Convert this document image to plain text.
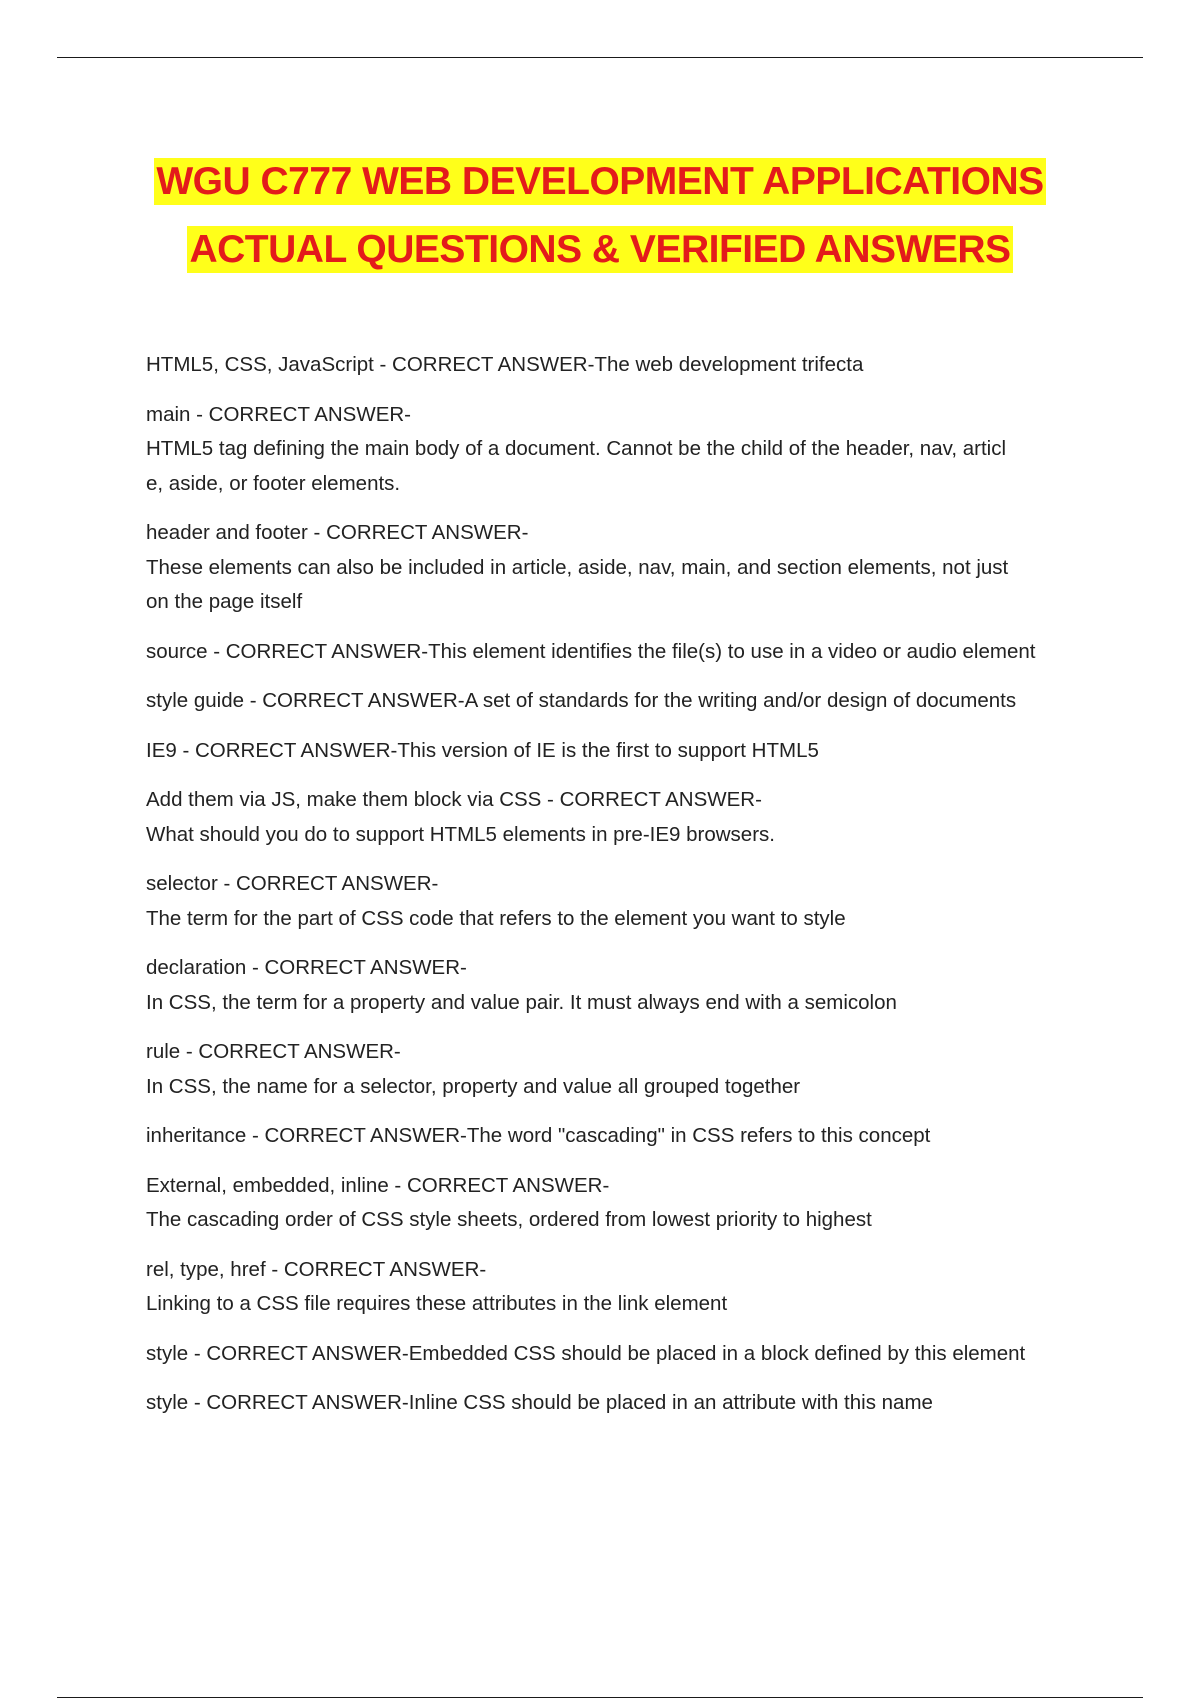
WGU C777 WEB DEVELOPMENT APPLICATIONS
ACTUAL QUESTIONS & VERIFIED ANSWERS

HTML5, CSS, JavaScript - CORRECT ANSWER-The web development trifecta

main - CORRECT ANSWER-

HTML5 tag defining the main body of a document. Cannot be the child of the header, nav, articl

e, aside, or footer elements.

header and footer - CORRECT ANSWER-

These elements can also be included in article, aside, nav, main, and section elements, not just

on the page itself

source - CORRECT ANSWER-This element identifies the file(s) to use in a video or audio element

style guide - CORRECT ANSWER-A set of standards for the writing and/or design of documents

IE9 - CORRECT ANSWER-This version of IE is the first to support HTML5

Add them via JS, make them block via CSS - CORRECT ANSWER-

What should you do to support HTML5 elements in pre-IE9 browsers.

selector - CORRECT ANSWER-

The term for the part of CSS code that refers to the element you want to style

declaration - CORRECT ANSWER-

In CSS, the term for a property and value pair. It must always end with a semicolon

rule - CORRECT ANSWER-

In CSS, the name for a selector, property and value all grouped together

inheritance - CORRECT ANSWER-The word "cascading" in CSS refers to this concept

External, embedded, inline - CORRECT ANSWER-

The cascading order of CSS style sheets, ordered from lowest priority to highest

rel, type, href - CORRECT ANSWER-

Linking to a CSS file requires these attributes in the link element

style - CORRECT ANSWER-Embedded CSS should be placed in a block defined by this element

style - CORRECT ANSWER-Inline CSS should be placed in an attribute with this name
